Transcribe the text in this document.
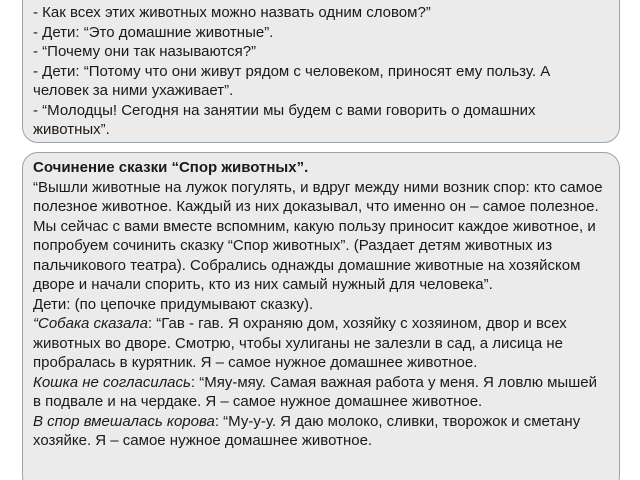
- Как всех этих животных можно назвать одним словом?”

- Дети: “Это домашние животные”.

- “Почему они так называются?”

- Дети: “Потому что они живут рядом с человеком, приносят ему пользу. А человек за ними ухаживает”.

- “Молодцы! Сегодня на занятии мы будем с вами говорить о домашних животных”.

Сочинение сказки “Спор животных”.

“Вышли животные на лужок погулять, и вдруг между ними возник спор: кто самое полезное животное. Каждый из них доказывал, что именно он – самое полезное. Мы сейчас с вами вместе вспомним, какую пользу приносит каждое животное, и попробуем сочинить сказку “Спор животных”. (Раздает детям животных из пальчикового театра). Собрались однажды домашние животные на хозяйском дворе и начали спорить, кто из них самый нужный для человека”.

Дети: (по цепочке придумывают сказку).

“Собака сказала: “Гав - гав. Я охраняю дом, хозяйку с хозяином, двор и всех животных во дворе. Смотрю, чтобы хулиганы не залезли в сад, а лисица не пробралась в курятник. Я – самое нужное домашнее животное.

Кошка не согласилась: “Мяу-мяу. Самая важная работа у меня. Я ловлю мышей в подвале и на чердаке. Я – самое нужное домашнее животное.

В спор вмешалась корова: “Му-у-у. Я даю молоко, сливки, творожок и сметану хозяйке. Я – самое нужное домашнее животное.
